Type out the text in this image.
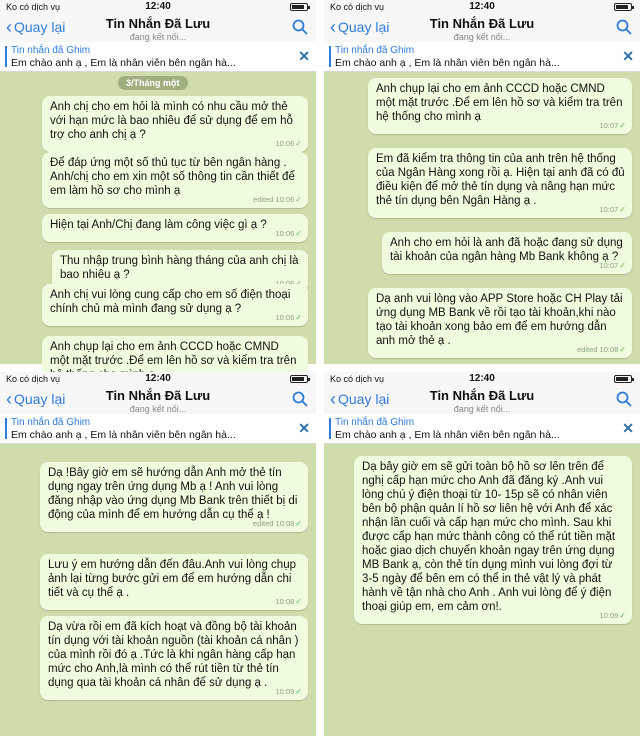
Ko có dịch vụ	12:40
‹ Quay lại	Tin Nhắn Đã Lưu
đang kết nối...
Tin nhắn đã Ghim
Em chào anh ạ , Em là nhân viên bên ngân hà...	✕
3/Tháng một
Anh chị cho em hỏi là mình có nhu cầu mở thẻ với hạn mức là bao nhiêu để sử dụng để em hỗ trợ cho anh chị ạ ?
10:06✓
Để đáp ứng một số thủ tục từ bên ngân hàng . Anh/chị cho em xin một số thông tin cần thiết để em làm hồ sơ cho mình ạ
edited 10:06✓
Hiện tại Anh/Chị đang làm công việc gì ạ ?
10:06✓
Thu nhập trung bình hàng tháng của anh chị là bao nhiêu ạ ?
Anh chị vui lòng cung cấp cho em số điện thoại chính chủ mà mình đang sử dụng ạ ?
10:06✓
Anh chụp lại cho em ảnh CCCD hoặc CMND một mặt trước .Để em lên hồ sơ và kiểm tra trên
Ko có dịch vụ	12:40
‹ Quay lại	Tin Nhắn Đã Lưu
đang kết nối...
Tin nhắn đã Ghim
Em chào anh ạ , Em là nhân viên bên ngân hà...	✕
Anh chụp lại cho em ảnh CCCD hoặc CMND một mặt trước .Để em lên hồ sơ và kiểm tra trên hệ thống cho mình ạ
10:07✓
Em đã kiểm tra thông tin của anh trên hệ thống của Ngân Hàng xong rồi ạ. Hiện tại anh đã có đủ điều kiện để mở thẻ tín dụng và nâng hạn mức thẻ tín dụng bên Ngân Hàng ạ .
10:07✓
Anh cho em hỏi là anh đã hoặc đang sử dụng tài khoản của ngân hàng Mb Bank không ạ ?
10:07✓
Dạ anh vui lòng vào APP Store hoặc CH Play tải ứng dụng MB Bank về rồi tạo tài khoản,khi nào tạo tài khoản xong bảo em để em hướng dẫn anh mở thẻ ạ .
edited 10:08✓
Ko có dịch vụ	12:40
‹ Quay lại	Tin Nhắn Đã Lưu
đang kết nối...
Tin nhắn đã Ghim
Em chào anh ạ , Em là nhân viên bên ngân hà...	✕
Dạ !Bây giờ em sẽ hướng dẫn Anh mở thẻ tín dụng ngay trên ứng dụng Mb ạ ! Anh vui lòng đăng nhập vào ứng dụng Mb Bank trên thiết bị di động của mình để em hướng dẫn cụ thể ạ !
edited 10:08✓
Lưu ý em hướng dẫn đến đâu.Anh vui lòng chụp ảnh lại từng bước gửi em để em hướng dẫn chi tiết và cụ thể ạ .
10:08✓
Dạ vừa rồi em đã kích hoạt và đồng bộ tài khoản tín dụng với tài khoản nguồn (tài khoản cá nhân ) của mình rồi đó ạ .Tức là khi ngân hàng cấp hạn mức cho Anh,là mình có thể rút tiền từ thẻ tín dụng qua tài khoản cá nhân để sử dụng ạ .
10:09✓
Ko có dịch vụ	12:40
‹ Quay lại	Tin Nhắn Đã Lưu
đang kết nối...
Tin nhắn đã Ghim
Em chào anh ạ , Em là nhân viên bên ngân hà...	✕
Dạ bây giờ em sẽ gửi toàn bộ hồ sơ lên trên để nghị cấp hạn mức cho Anh đã đăng ký .Anh vui lòng chú ý điện thoại từ 10- 15p sẽ có nhân viên bên bộ phận quản lí hồ sơ liên hệ với Anh để xác nhận lần cuối và cấp hạn mức cho mình. Sau khi được cấp hạn mức thành công có thể rút tiền mặt hoặc giao dịch chuyển khoản ngay trên ứng dụng MB Bank ạ, còn thẻ tín dụng mình vui lòng đợi từ 3-5 ngày để bên em có thể in thẻ vật lý và phát hành về tận nhà cho Anh . Anh vui lòng để ý điện thoại giúp em, em cảm ơn!.
10:09✓
